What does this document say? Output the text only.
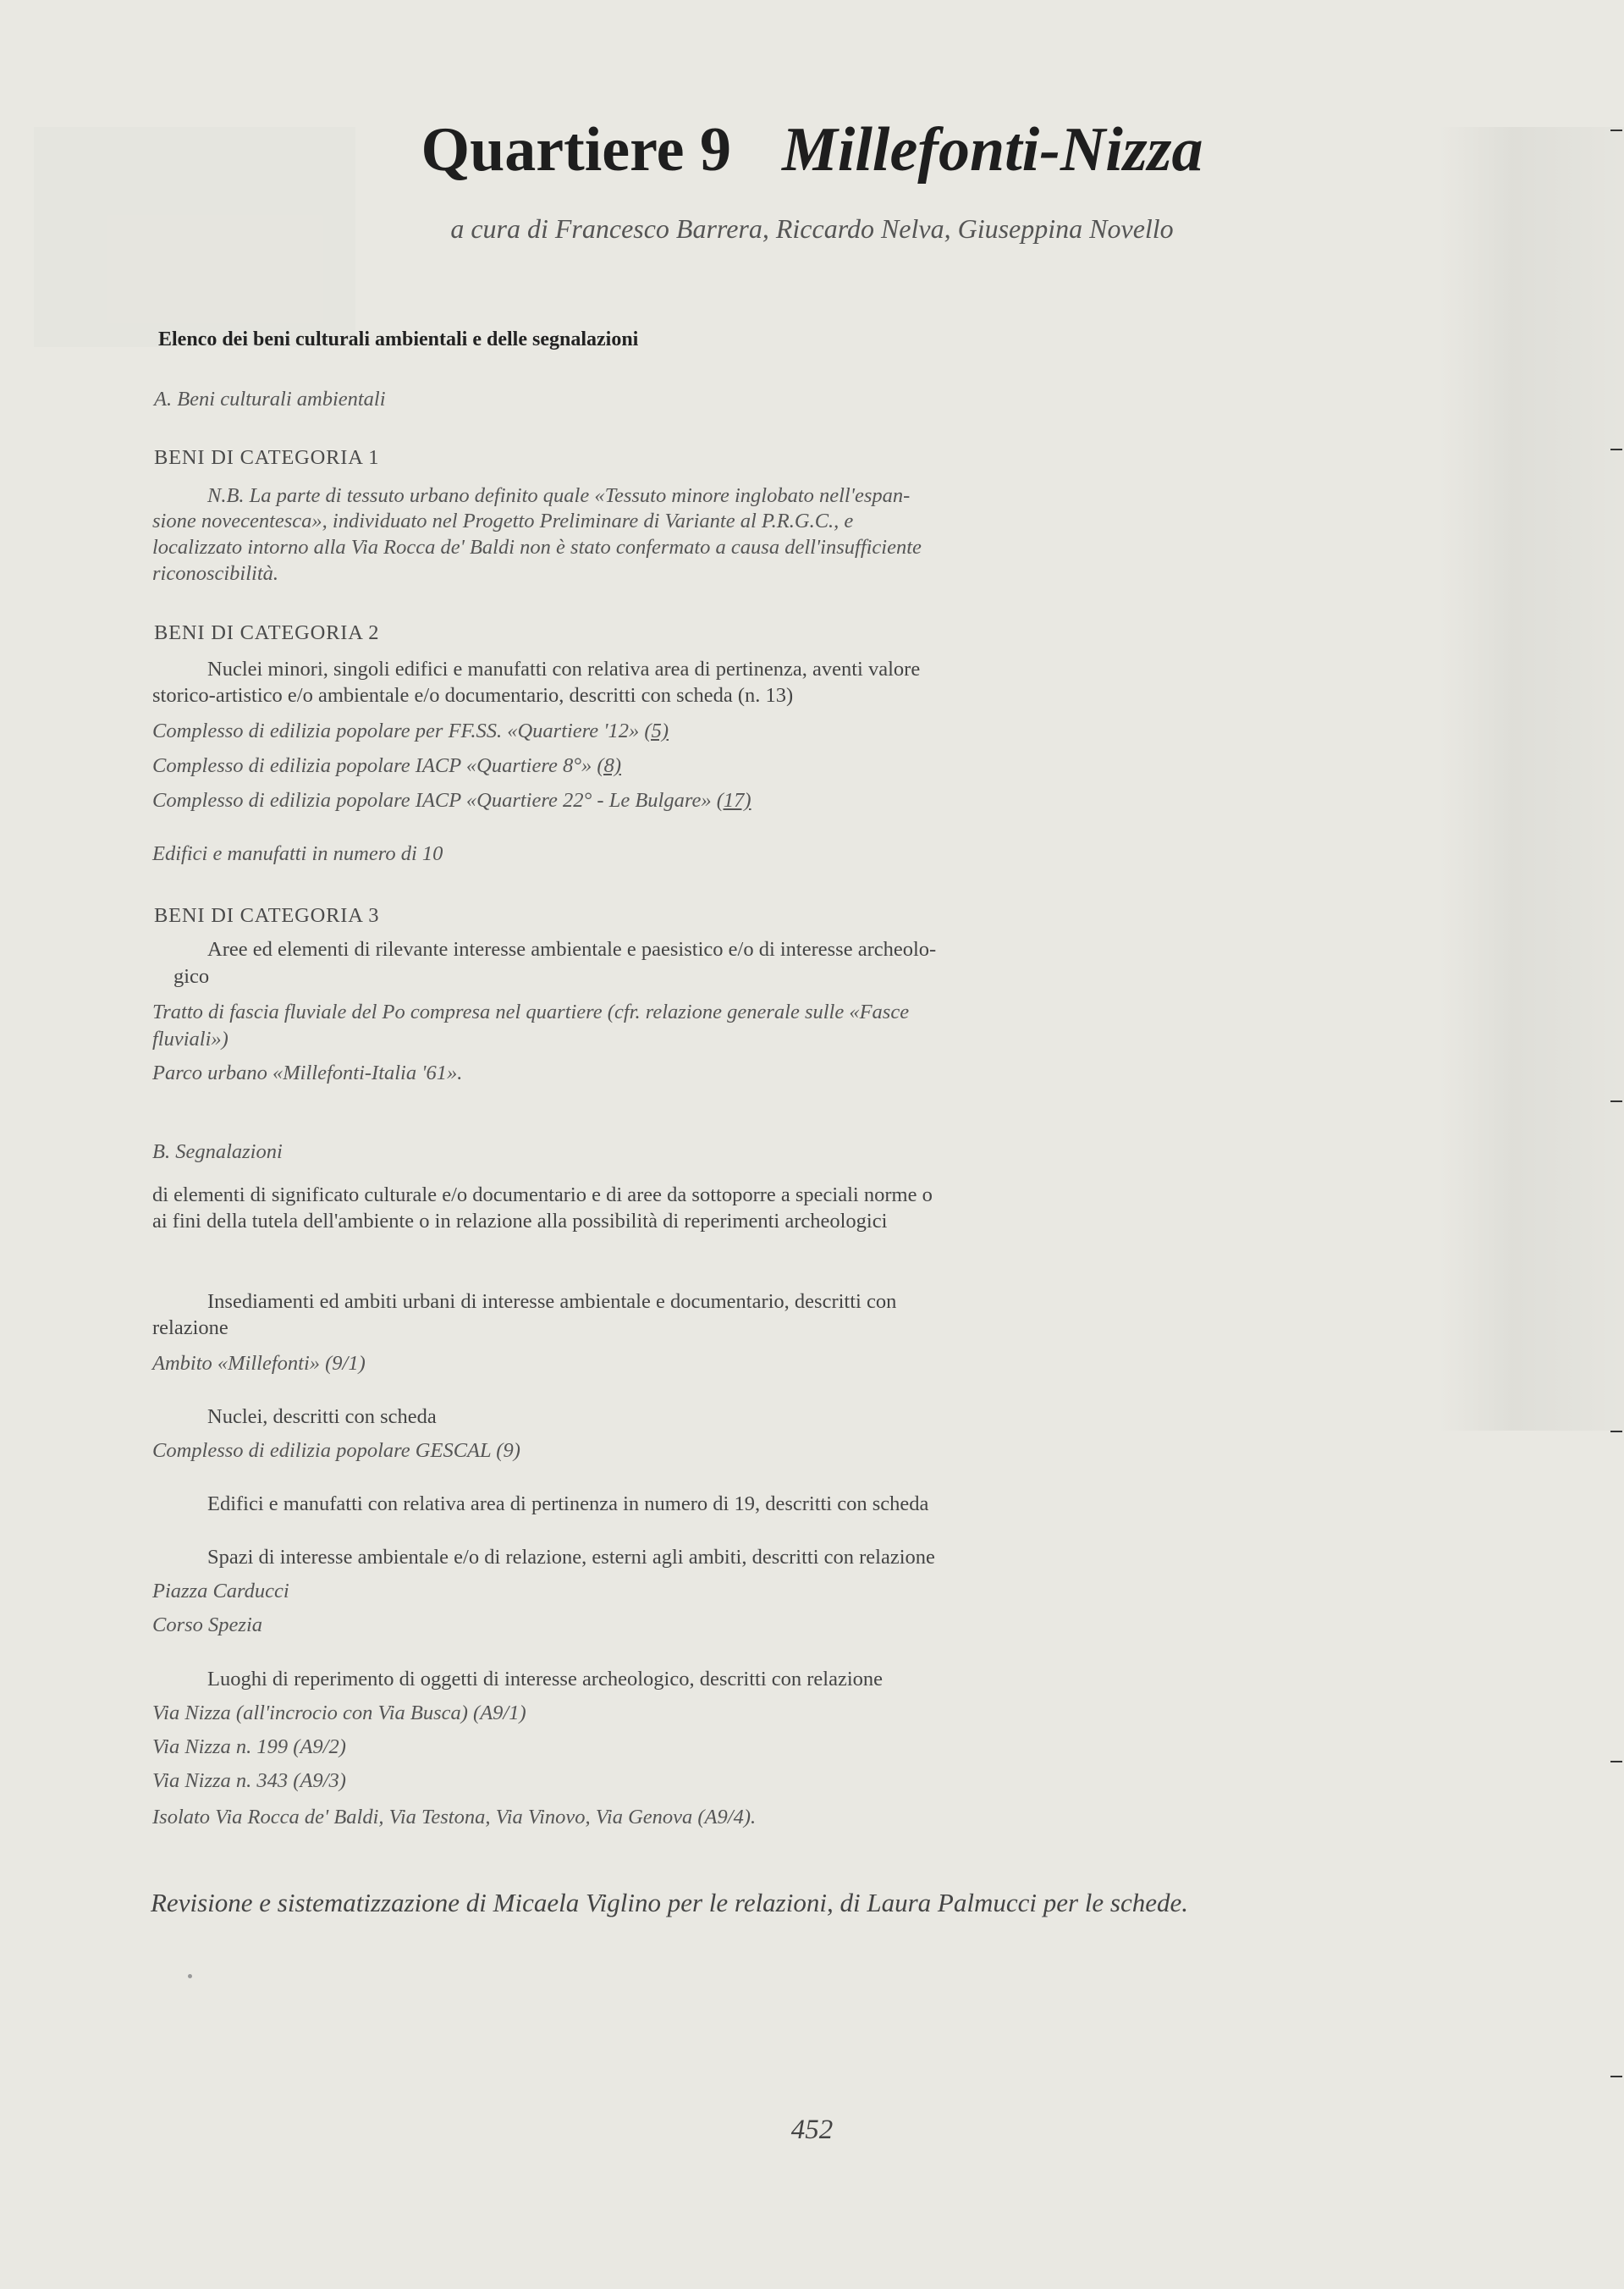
Quartiere 9 Millefonti-Nizza
a cura di Francesco Barrera, Riccardo Nelva, Giuseppina Novello
Elenco dei beni culturali ambientali e delle segnalazioni
A. Beni culturali ambientali
BENI DI CATEGORIA 1
N.B. La parte di tessuto urbano definito quale «Tessuto minore inglobato nell'espan-
sione novecentesca», individuato nel Progetto Preliminare di Variante al P.R.G.C., e
localizzato intorno alla Via Rocca de' Baldi non è stato confermato a causa dell'insufficiente
riconoscibilità.
BENI DI CATEGORIA 2
Nuclei minori, singoli edifici e manufatti con relativa area di pertinenza, aventi valore
storico-artistico e/o ambientale e/o documentario, descritti con scheda (n. 13)
Complesso di edilizia popolare per FF.SS. «Quartiere '12» (5)
Complesso di edilizia popolare IACP «Quartiere 8°» (8)
Complesso di edilizia popolare IACP «Quartiere 22° - Le Bulgare» (17)
Edifici e manufatti in numero di 10
BENI DI CATEGORIA 3
Aree ed elementi di rilevante interesse ambientale e paesistico e/o di interesse archeolo-
gico
Tratto di fascia fluviale del Po compresa nel quartiere (cfr. relazione generale sulle «Fasce
fluviali»)
Parco urbano «Millefonti-Italia '61».
B. Segnalazioni
di elementi di significato culturale e/o documentario e di aree da sottoporre a speciali norme o
ai fini della tutela dell'ambiente o in relazione alla possibilità di reperimenti archeologici
Insediamenti ed ambiti urbani di interesse ambientale e documentario, descritti con
relazione
Ambito «Millefonti» (9/1)
Nuclei, descritti con scheda
Complesso di edilizia popolare GESCAL (9)
Edifici e manufatti con relativa area di pertinenza in numero di 19, descritti con scheda
Spazi di interesse ambientale e/o di relazione, esterni agli ambiti, descritti con relazione
Piazza Carducci
Corso Spezia
Luoghi di reperimento di oggetti di interesse archeologico, descritti con relazione
Via Nizza (all'incrocio con Via Busca) (A9/1)
Via Nizza n. 199 (A9/2)
Via Nizza n. 343 (A9/3)
Isolato Via Rocca de' Baldi, Via Testona, Via Vinovo, Via Genova (A9/4).
Revisione e sistematizzazione di Micaela Viglino per le relazioni, di Laura Palmucci per le schede.
452
